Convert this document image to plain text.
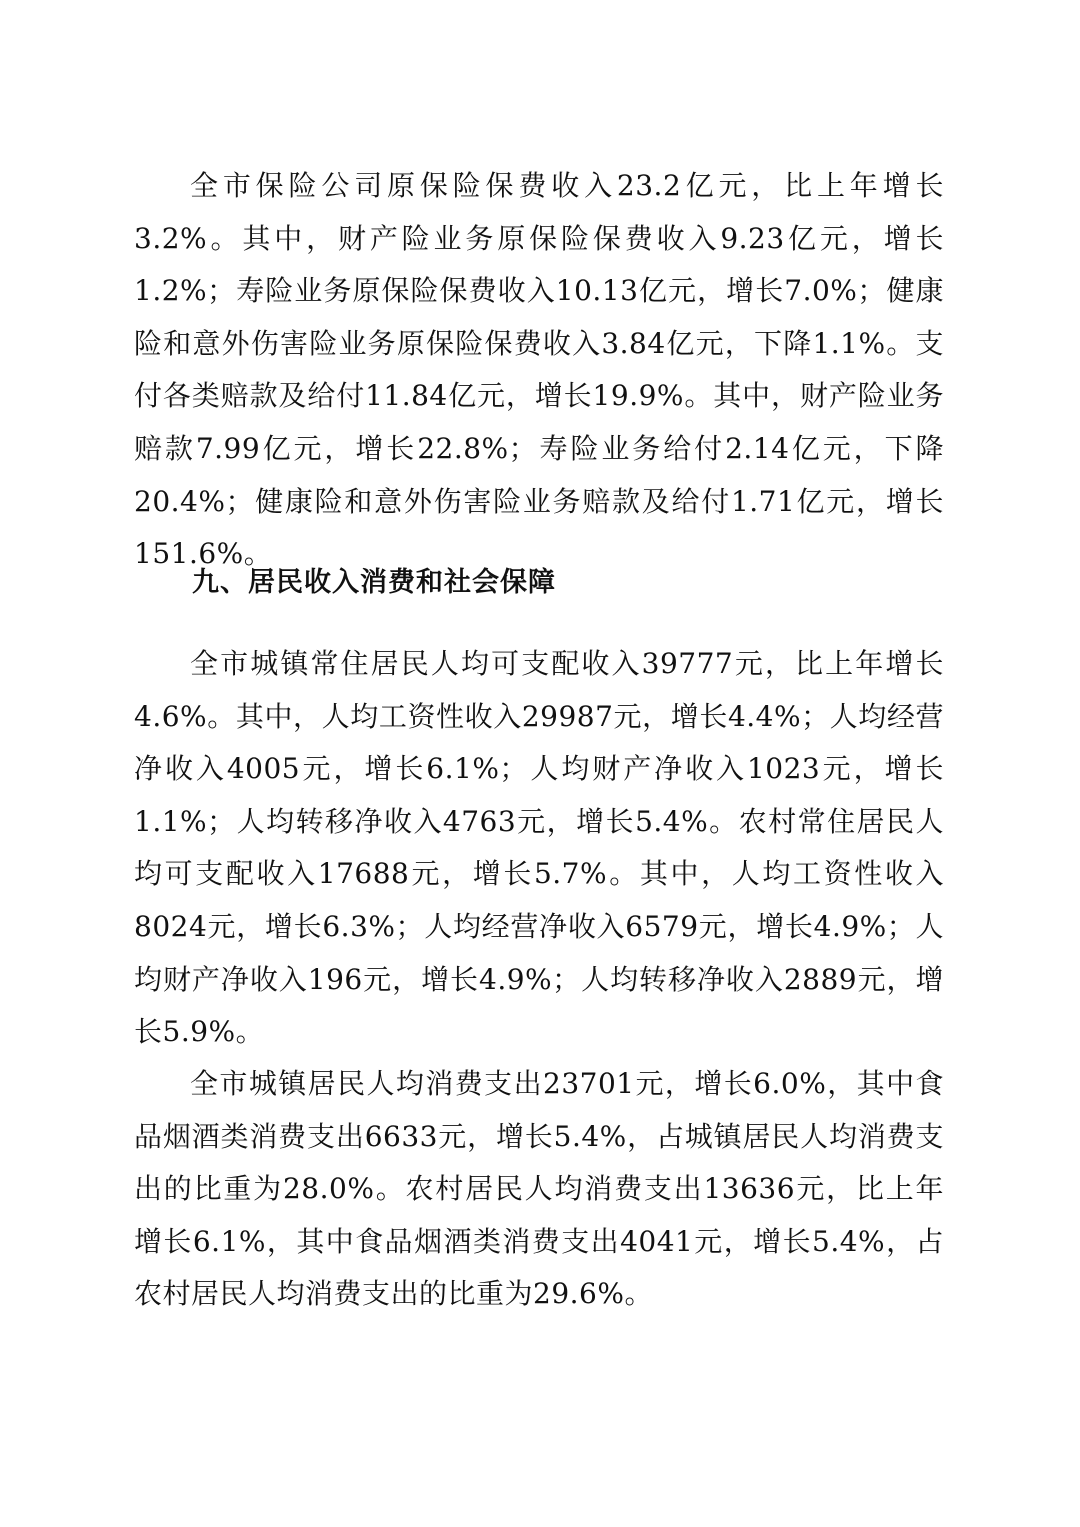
全市保险公司原保险保费收入23.2亿元，比上年增长3.2%。其中，财产险业务原保险保费收入9.23亿元，增长1.2%；寿险业务原保险保费收入10.13亿元，增长7.0%；健康险和意外伤害险业务原保险保费收入3.84亿元，下降1.1%。支付各类赔款及给付11.84亿元，增长19.9%。其中，财产险业务赔款7.99亿元，增长22.8%；寿险业务给付2.14亿元，下降20.4%；健康险和意外伤害险业务赔款及给付1.71亿元，增长151.6%。

九、居民收入消费和社会保障

全市城镇常住居民人均可支配收入39777元，比上年增长4.6%。其中，人均工资性收入29987元，增长4.4%；人均经营净收入4005元，增长6.1%；人均财产净收入1023元，增长1.1%；人均转移净收入4763元，增长5.4%。农村常住居民人均可支配收入17688元，增长5.7%。其中，人均工资性收入8024元，增长6.3%；人均经营净收入6579元，增长4.9%；人均财产净收入196元，增长4.9%；人均转移净收入2889元，增长5.9%。

全市城镇居民人均消费支出23701元，增长6.0%，其中食品烟酒类消费支出6633元，增长5.4%，占城镇居民人均消费支出的比重为28.0%。农村居民人均消费支出13636元，比上年增长6.1%，其中食品烟酒类消费支出4041元，增长5.4%，占农村居民人均消费支出的比重为29.6%。
